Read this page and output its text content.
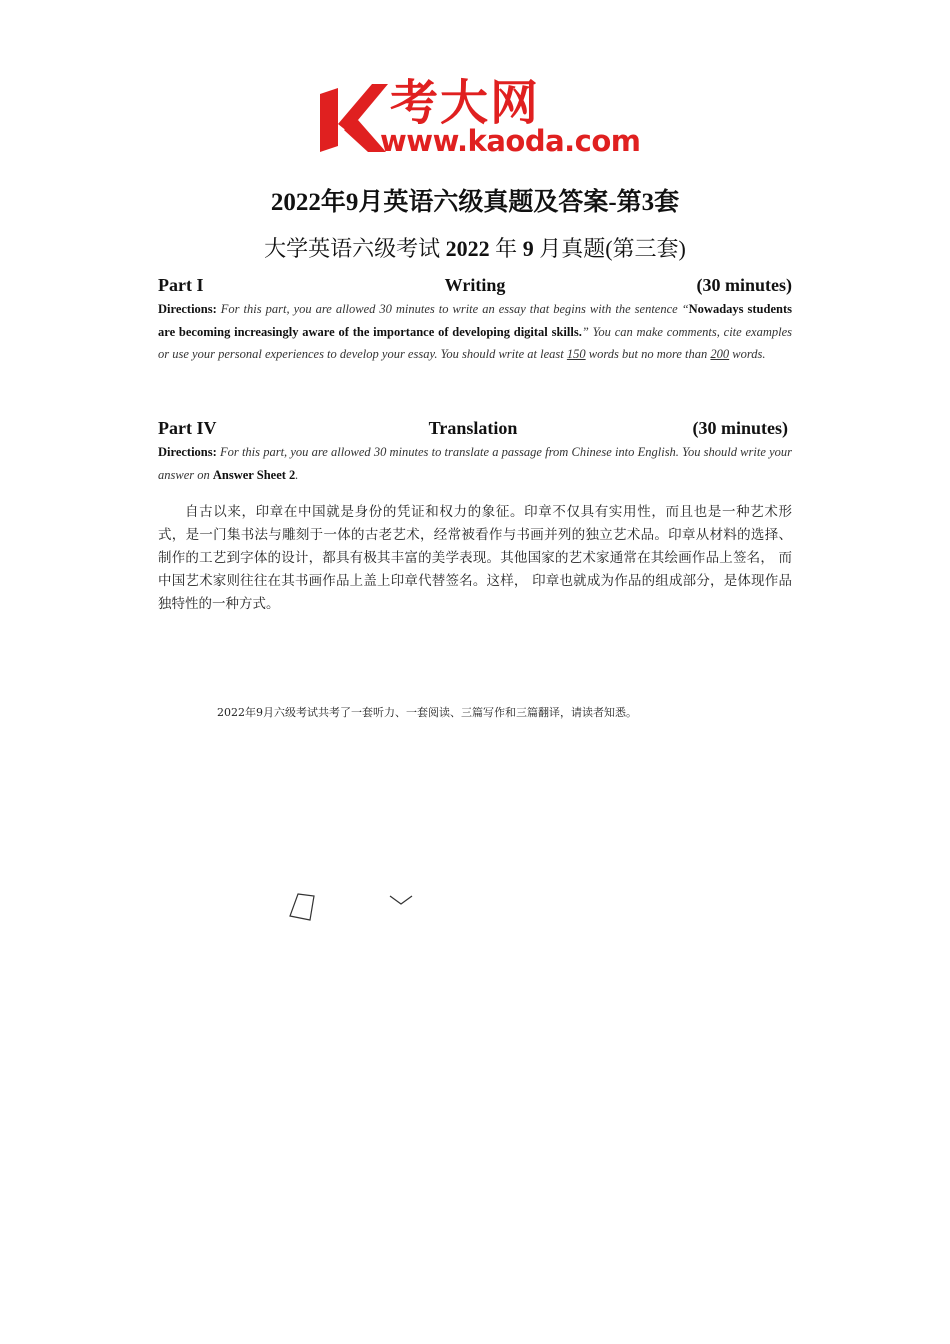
考大网
www.kaoda.com
2022年9月英语六级真题及答案-第3套
大学英语六级考试 2022 年 9 月真题(第三套)
Writing
Part I	(30 minutes)
Directions: For this part, you are allowed 30 minutes to write an essay that begins with the sentence “Nowadays students are becoming increasingly aware of the importance of developing digital skills.” You can make comments, cite examples or use your personal experiences to develop your essay. You should write at least 150 words but no more than 200 words.
Translation
Part IV	(30 minutes)
Directions: For this part, you are allowed 30 minutes to translate a passage from Chinese into English. You should write your answer on Answer Sheet 2.
自古以来，印章在中国就是身份的凭证和权力的象征。印章不仅具有实用性，而且也是一种艺术形式，是一门集书法与雕刻于一体的古老艺术，经常被看作与书画并列的独立艺术品。印章从材料的选择、制作的工艺到字体的设计，都具有极其丰富的美学表现。其他国家的艺术家通常在其绘画作品上签名， 而中国艺术家则往往在其书画作品上盖上印章代替签名。这样， 印章也就成为作品的组成部分，是体现作品独特性的一种方式。
2022年9月六级考试共考了一套听力、一套阅读、三篇写作和三篇翻译，请读者知悉。
